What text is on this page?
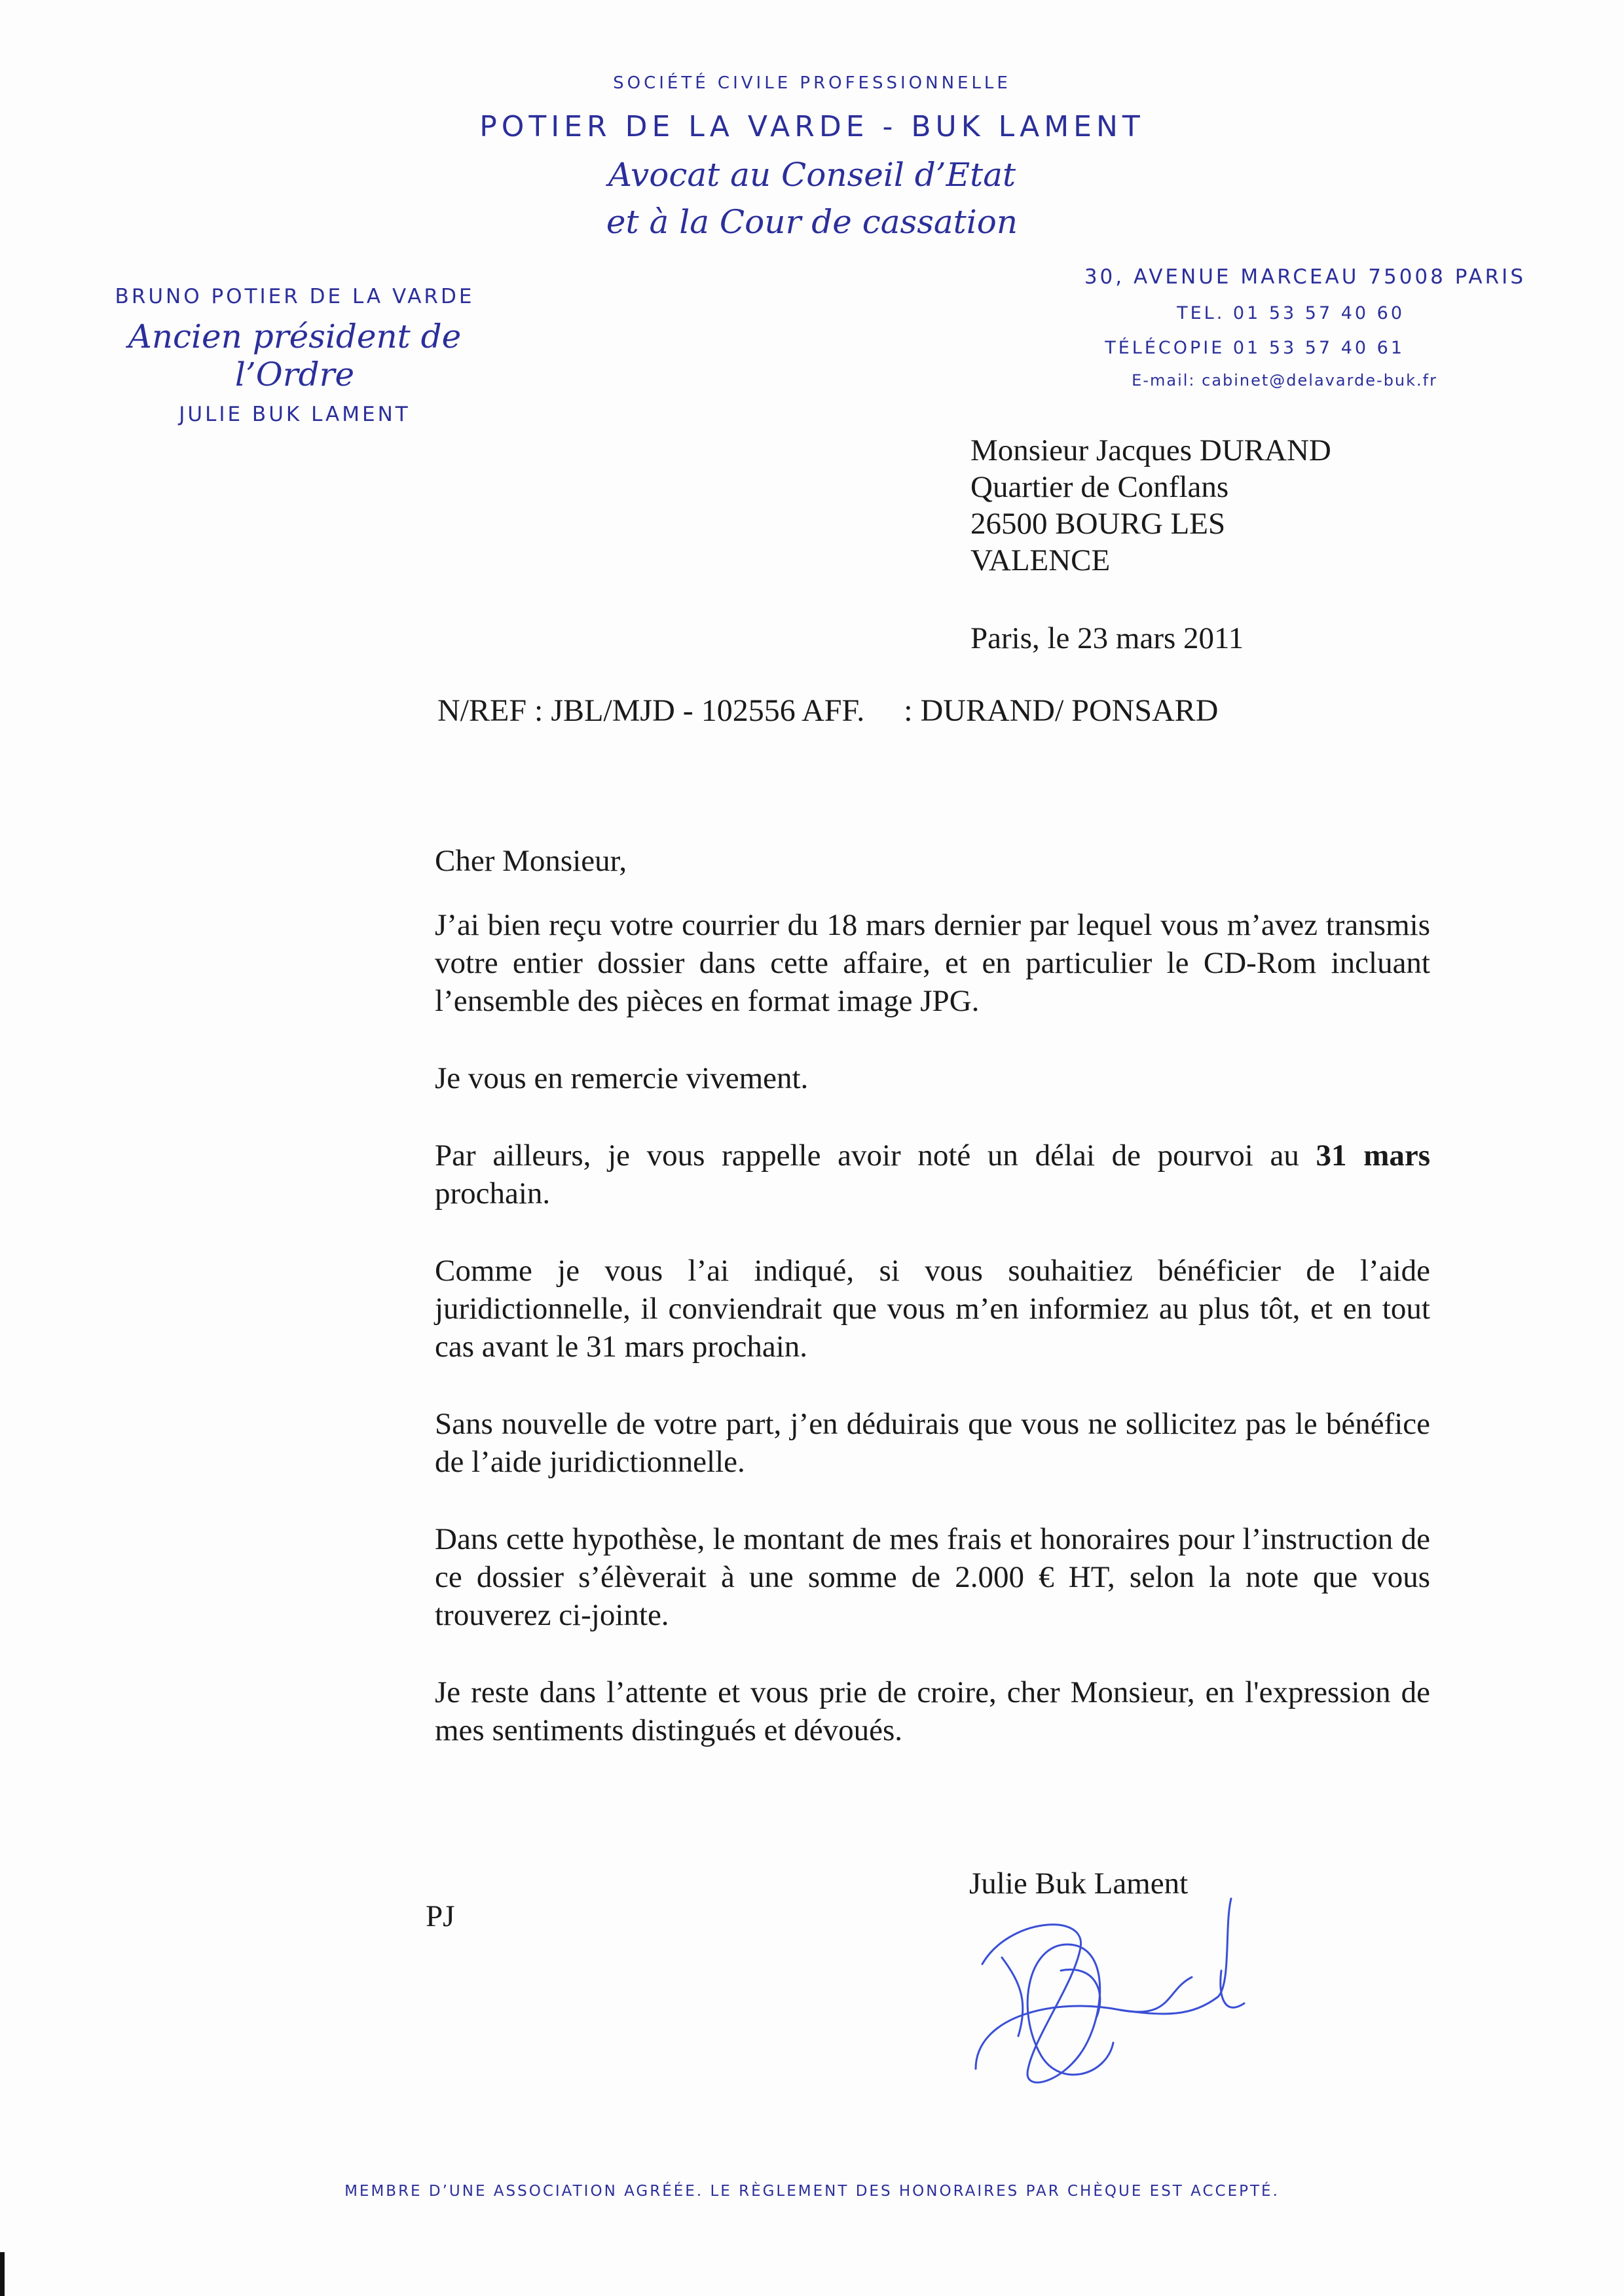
SOCIÉTÉ CIVILE PROFESSIONNELLE
POTIER DE LA VARDE - BUK LAMENT
Avocat au Conseil d’Etat
et à la Cour de cassation
BRUNO POTIER DE LA VARDE
Ancien président de l’Ordre
JULIE BUK LAMENT
30, AVENUE MARCEAU 75008 PARIS
TEL. 01 53 57 40 60
TÉLÉCOPIE 01 53 57 40 61
E-mail: cabinet@delavarde-buk.fr
Monsieur Jacques DURAND
Quartier de Conflans
26500 BOURG LES
VALENCE
Paris, le 23 mars 2011
N/REF : JBL/MJD - 102556 AFF.     : DURAND/ PONSARD

Cher Monsieur,

J’ai bien reçu votre courrier du 18 mars dernier par lequel vous m’avez transmis votre entier dossier dans cette affaire, et en particulier le CD-Rom incluant l’ensemble des pièces en format image JPG.

Je vous en remercie vivement.

Par ailleurs, je vous rappelle avoir noté un délai de pourvoi au 31 mars prochain.

Comme je vous l’ai indiqué, si vous souhaitiez bénéficier de l’aide juridictionnelle, il conviendrait que vous m’en informiez au plus tôt, et en tout cas avant le 31 mars prochain.

Sans nouvelle de votre part, j’en déduirais que vous ne sollicitez pas le bénéfice de l’aide juridictionnelle.

Dans cette hypothèse, le montant de mes frais et honoraires pour l’instruction de ce dossier s’élèverait à une somme de 2.000 € HT, selon la note que vous trouverez ci-jointe.

Je reste dans l’attente et vous prie de croire, cher Monsieur, en l'expression de mes sentiments distingués et dévoués.

Julie Buk Lament
PJ
MEMBRE D’UNE ASSOCIATION AGRÉÉE. LE RÈGLEMENT DES HONORAIRES PAR CHÈQUE EST ACCEPTÉ.
